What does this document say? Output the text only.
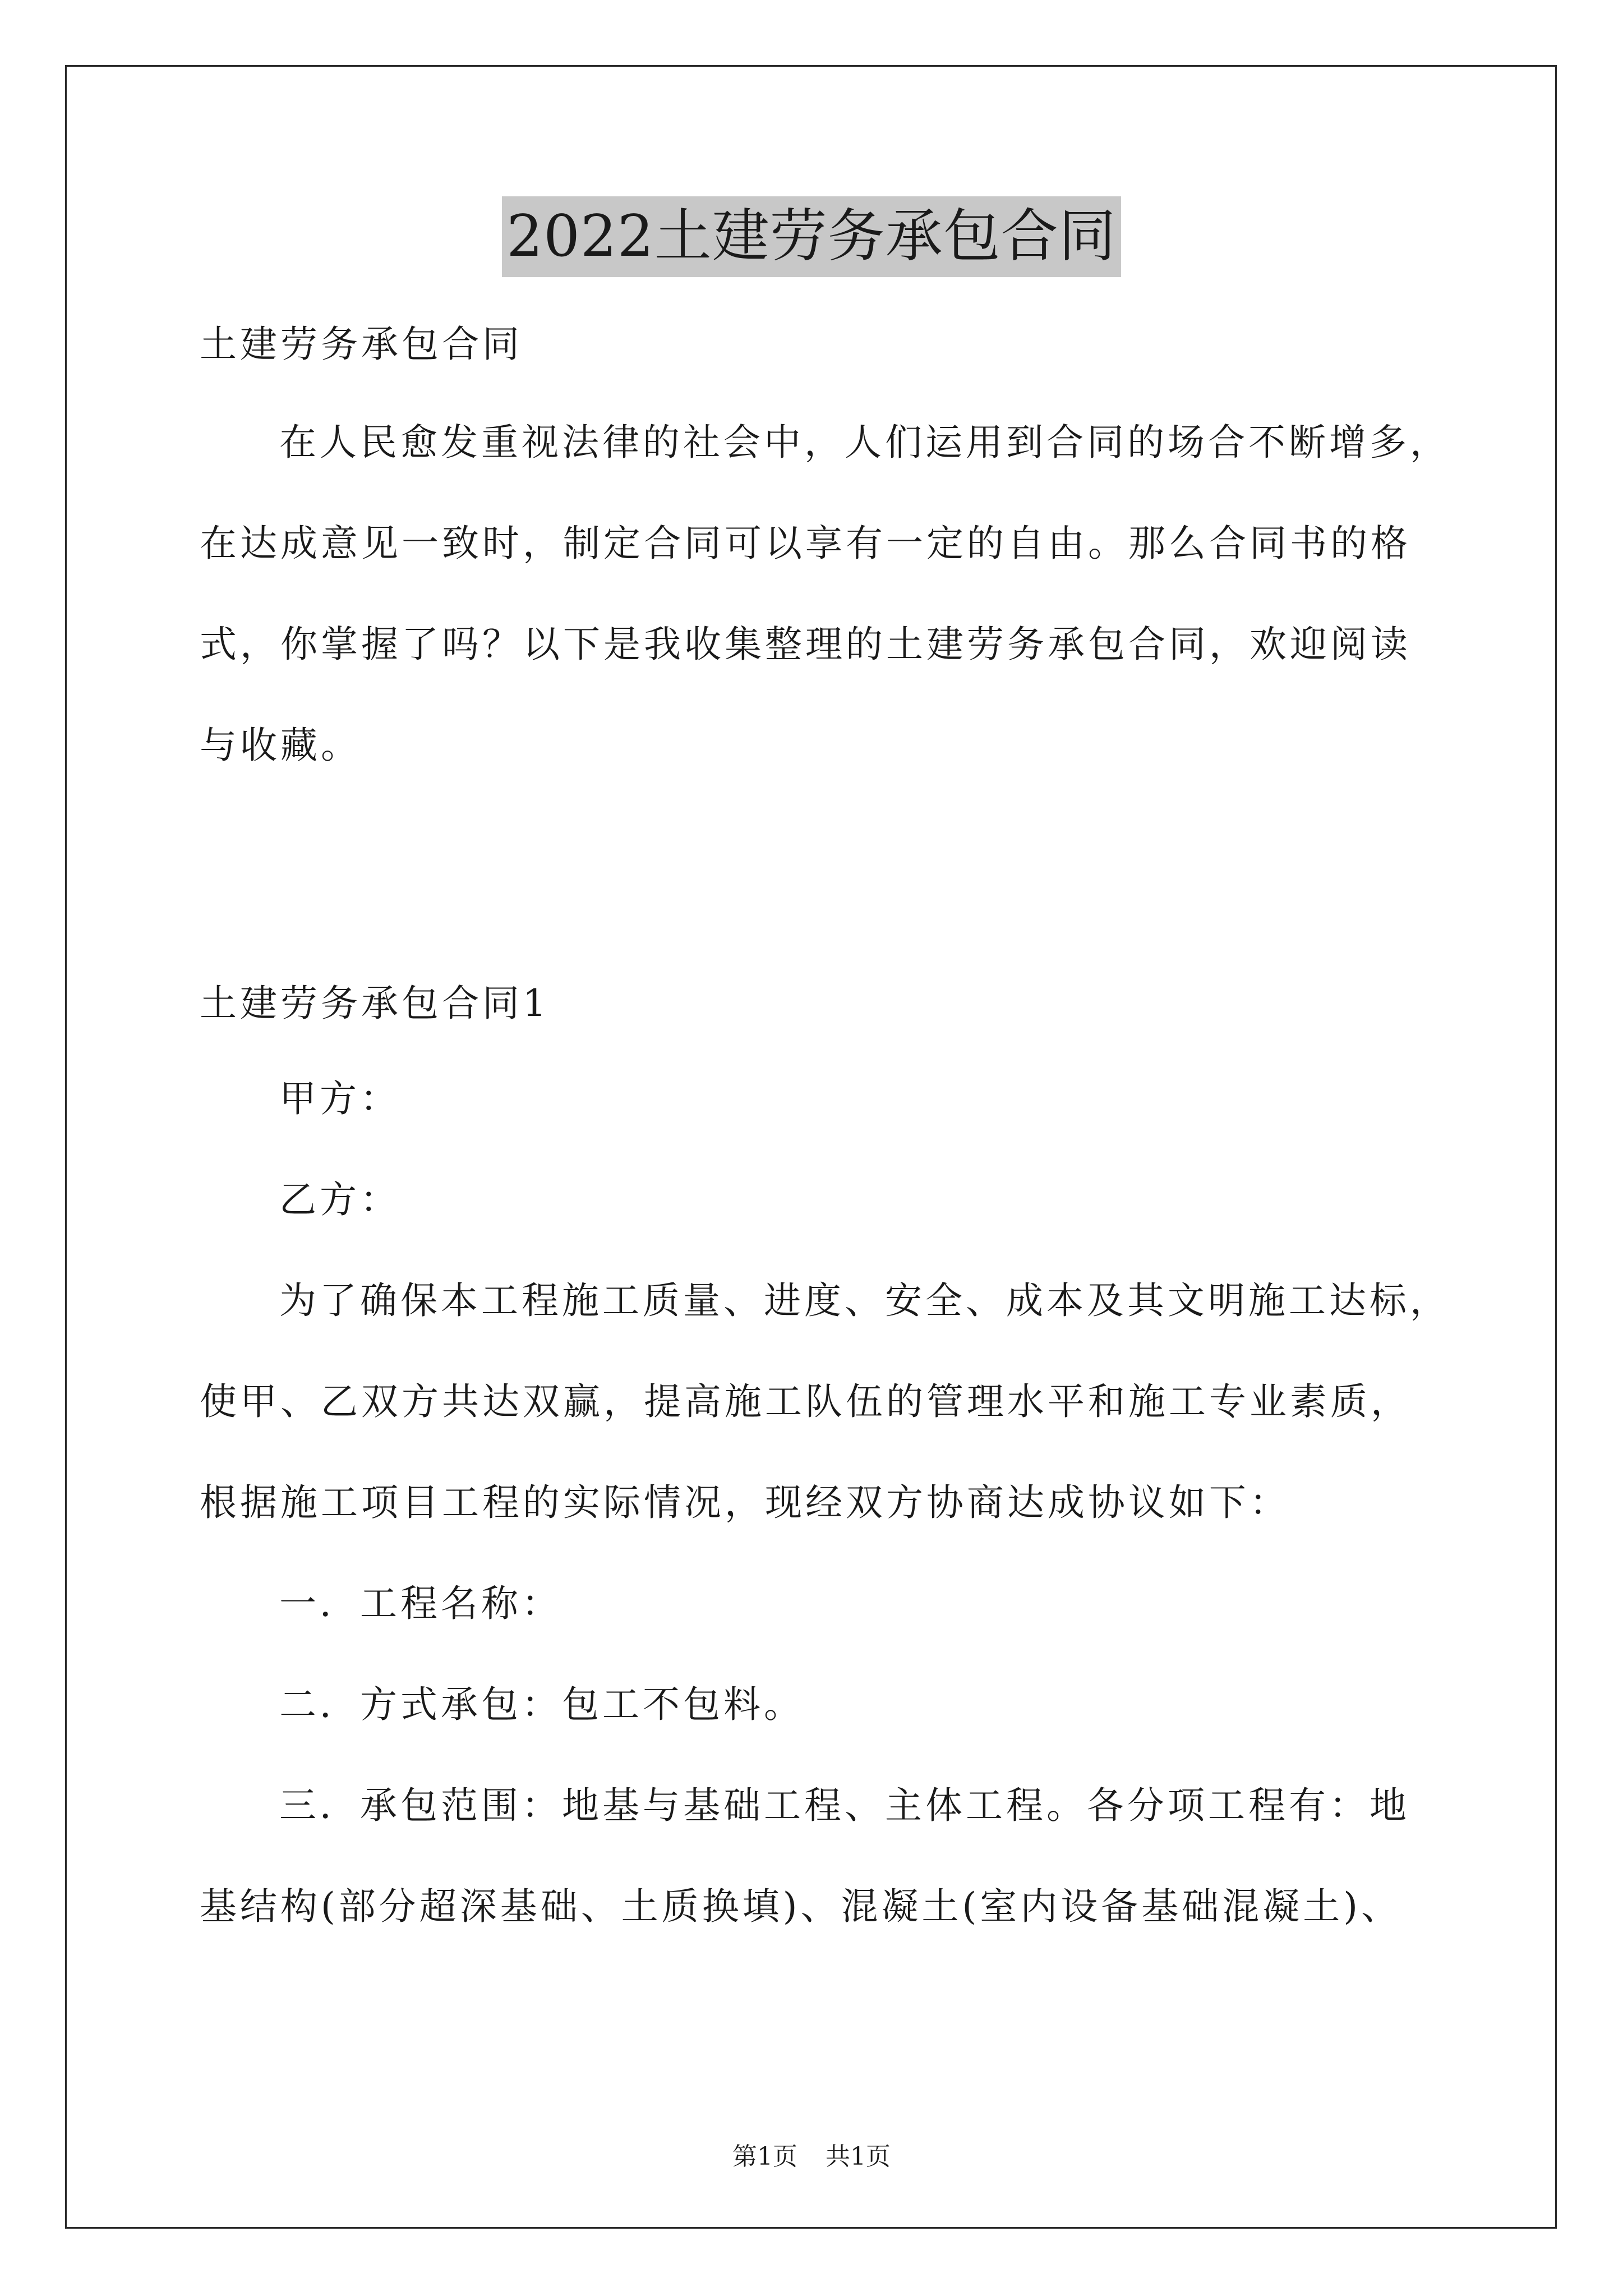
2022土建劳务承包合同

土建劳务承包合同

在人民愈发重视法律的社会中，人们运用到合同的场合不断增多，

在达成意见一致时，制定合同可以享有一定的自由。那么合同书的格

式，你掌握了吗？以下是我收集整理的土建劳务承包合同，欢迎阅读

与收藏。

土建劳务承包合同1

甲方：

乙方：

为了确保本工程施工质量、进度、安全、成本及其文明施工达标，

使甲、乙双方共达双赢，提高施工队伍的管理水平和施工专业素质，

根据施工项目工程的实际情况，现经双方协商达成协议如下：

一．工程名称：

二．方式承包：包工不包料。

三．承包范围：地基与基础工程、主体工程。各分项工程有：地

基结构(部分超深基础、土质换填)、混凝土(室内设备基础混凝土)、

第1页 共1页
